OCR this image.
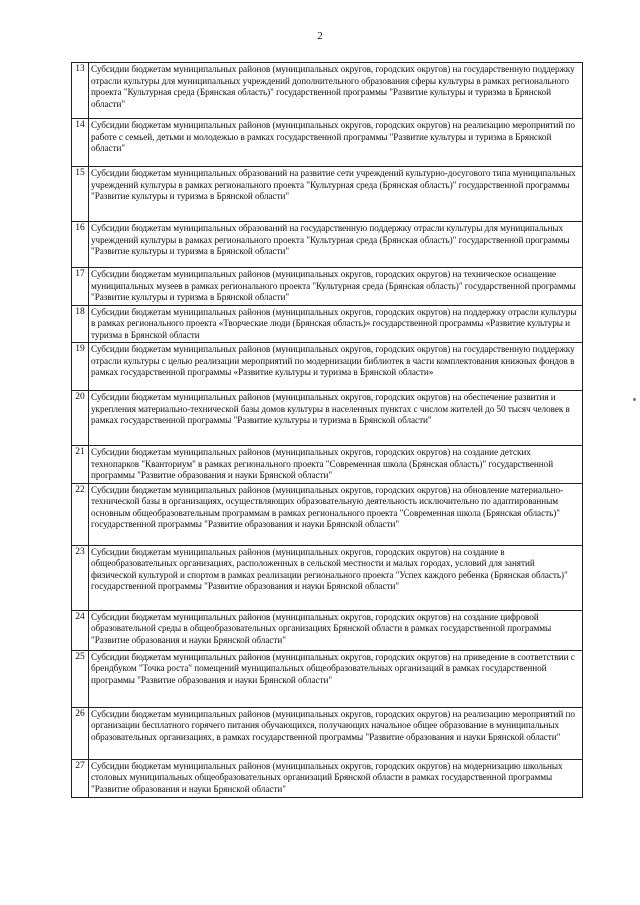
2
13	Субсидии бюджетам муниципальных районов (муниципальных округов, городских округов) на государственную поддержку отрасли культуры для муниципальных учреждений дополнительного образования сферы культуры в рамках регионального проекта "Культурная среда (Брянская область)" государственной программы "Развитие культуры и туризма в Брянской области"
14	Субсидии бюджетам муниципальных районов (муниципальных округов, городских округов) на реализацию мероприятий по работе с семьей, детьми и молодежью в рамках государственной программы "Развитие культуры и туризма в Брянской области"
15	Субсидии бюджетам муниципальных образований на развитие сети учреждений культурно-досугового типа муниципальных учреждений культуры в рамках регионального проекта "Культурная среда (Брянская область)" государственной программы "Развитие культуры и туризма в Брянской области"
16	Субсидии бюджетам муниципальных образований на государственную поддержку отрасли культуры для муниципальных учреждений культуры в рамках регионального проекта "Культурная среда (Брянская область)" государственной программы "Развитие культуры и туризма в Брянской области"
17	Субсидии бюджетам муниципальных районов (муниципальных округов, городских округов) на техническое оснащение муниципальных музеев в рамках регионального проекта "Культурная среда (Брянская область)" государственной программы "Развитие культуры и туризма в Брянской области"
18	Субсидии бюджетам муниципальных районов (муниципальных округов, городских округов) на поддержку отрасли культуры в рамках регионального проекта «Творческие люди (Брянская область)» государственной программы «Развитие культуры и туризма в Брянской области
19	Субсидии бюджетам муниципальных районов (муниципальных округов, городских округов) на государственную поддержку отрасли культуры с целью реализации мероприятий по модернизации библиотек в части комплектования книжных фондов в рамках государственной программы «Развитие культуры и туризма в Брянской области»
20	Субсидии бюджетам муниципальных районов (муниципальных округов, городских округов) на обеспечение развития и укрепления материально-технической базы домов культуры в населенных пунктах с числом жителей до 50 тысяч человек в рамках государственной программы "Развитие культуры и туризма в Брянской области"
21	Субсидии бюджетам муниципальных районов (муниципальных округов, городских округов) на создание детских технопарков "Кванториум" в рамках регионального проекта "Современная школа (Брянская область)" государственной программы "Развитие образования и науки Брянской области"
22	Субсидии бюджетам муниципальных районов (муниципальных округов, городских округов) на обновление материально-технической базы в организациях, осуществляющих образовательную деятельность исключительно по адаптированным основным общеобразовательным программам в рамках регионального проекта "Современная школа (Брянская область)" государственной программы "Развитие образования и науки Брянской области"
23	Субсидии бюджетам муниципальных районов (муниципальных округов, городских округов) на создание в общеобразовательных организациях, расположенных в сельской местности и малых городах, условий для занятий физической культурой и спортом в рамках реализации регионального проекта "Успех каждого ребенка (Брянская область)" государственной программы "Развитие образования и науки Брянской области"
24	Субсидии бюджетам муниципальных районов (муниципальных округов, городских округов) на создание цифровой образовательной среды в общеобразовательных организациях Брянской области в рамках государственной программы "Развитие образования и науки Брянской области"
25	Субсидии бюджетам муниципальных районов (муниципальных округов, городских округов) на приведение в соответствии с брендбуком "Точка роста" помещений муниципальных общеобразовательных организаций в рамках государственной программы "Развитие образования и науки Брянской области"
26	Субсидии бюджетам муниципальных районов (муниципальных округов, городских округов) на реализацию мероприятий по организации бесплатного горячего питания обучающихся, получающих начальное общее образование в муниципальных образовательных организациях, в рамках государственной программы "Развитие образования и науки Брянской области"
27	Субсидии бюджетам муниципальных районов (муниципальных округов, городских округов) на модернизацию школьных столовых муниципальных общеобразовательных организаций Брянской области в рамках государственной программы "Развитие образования и науки Брянской области"
